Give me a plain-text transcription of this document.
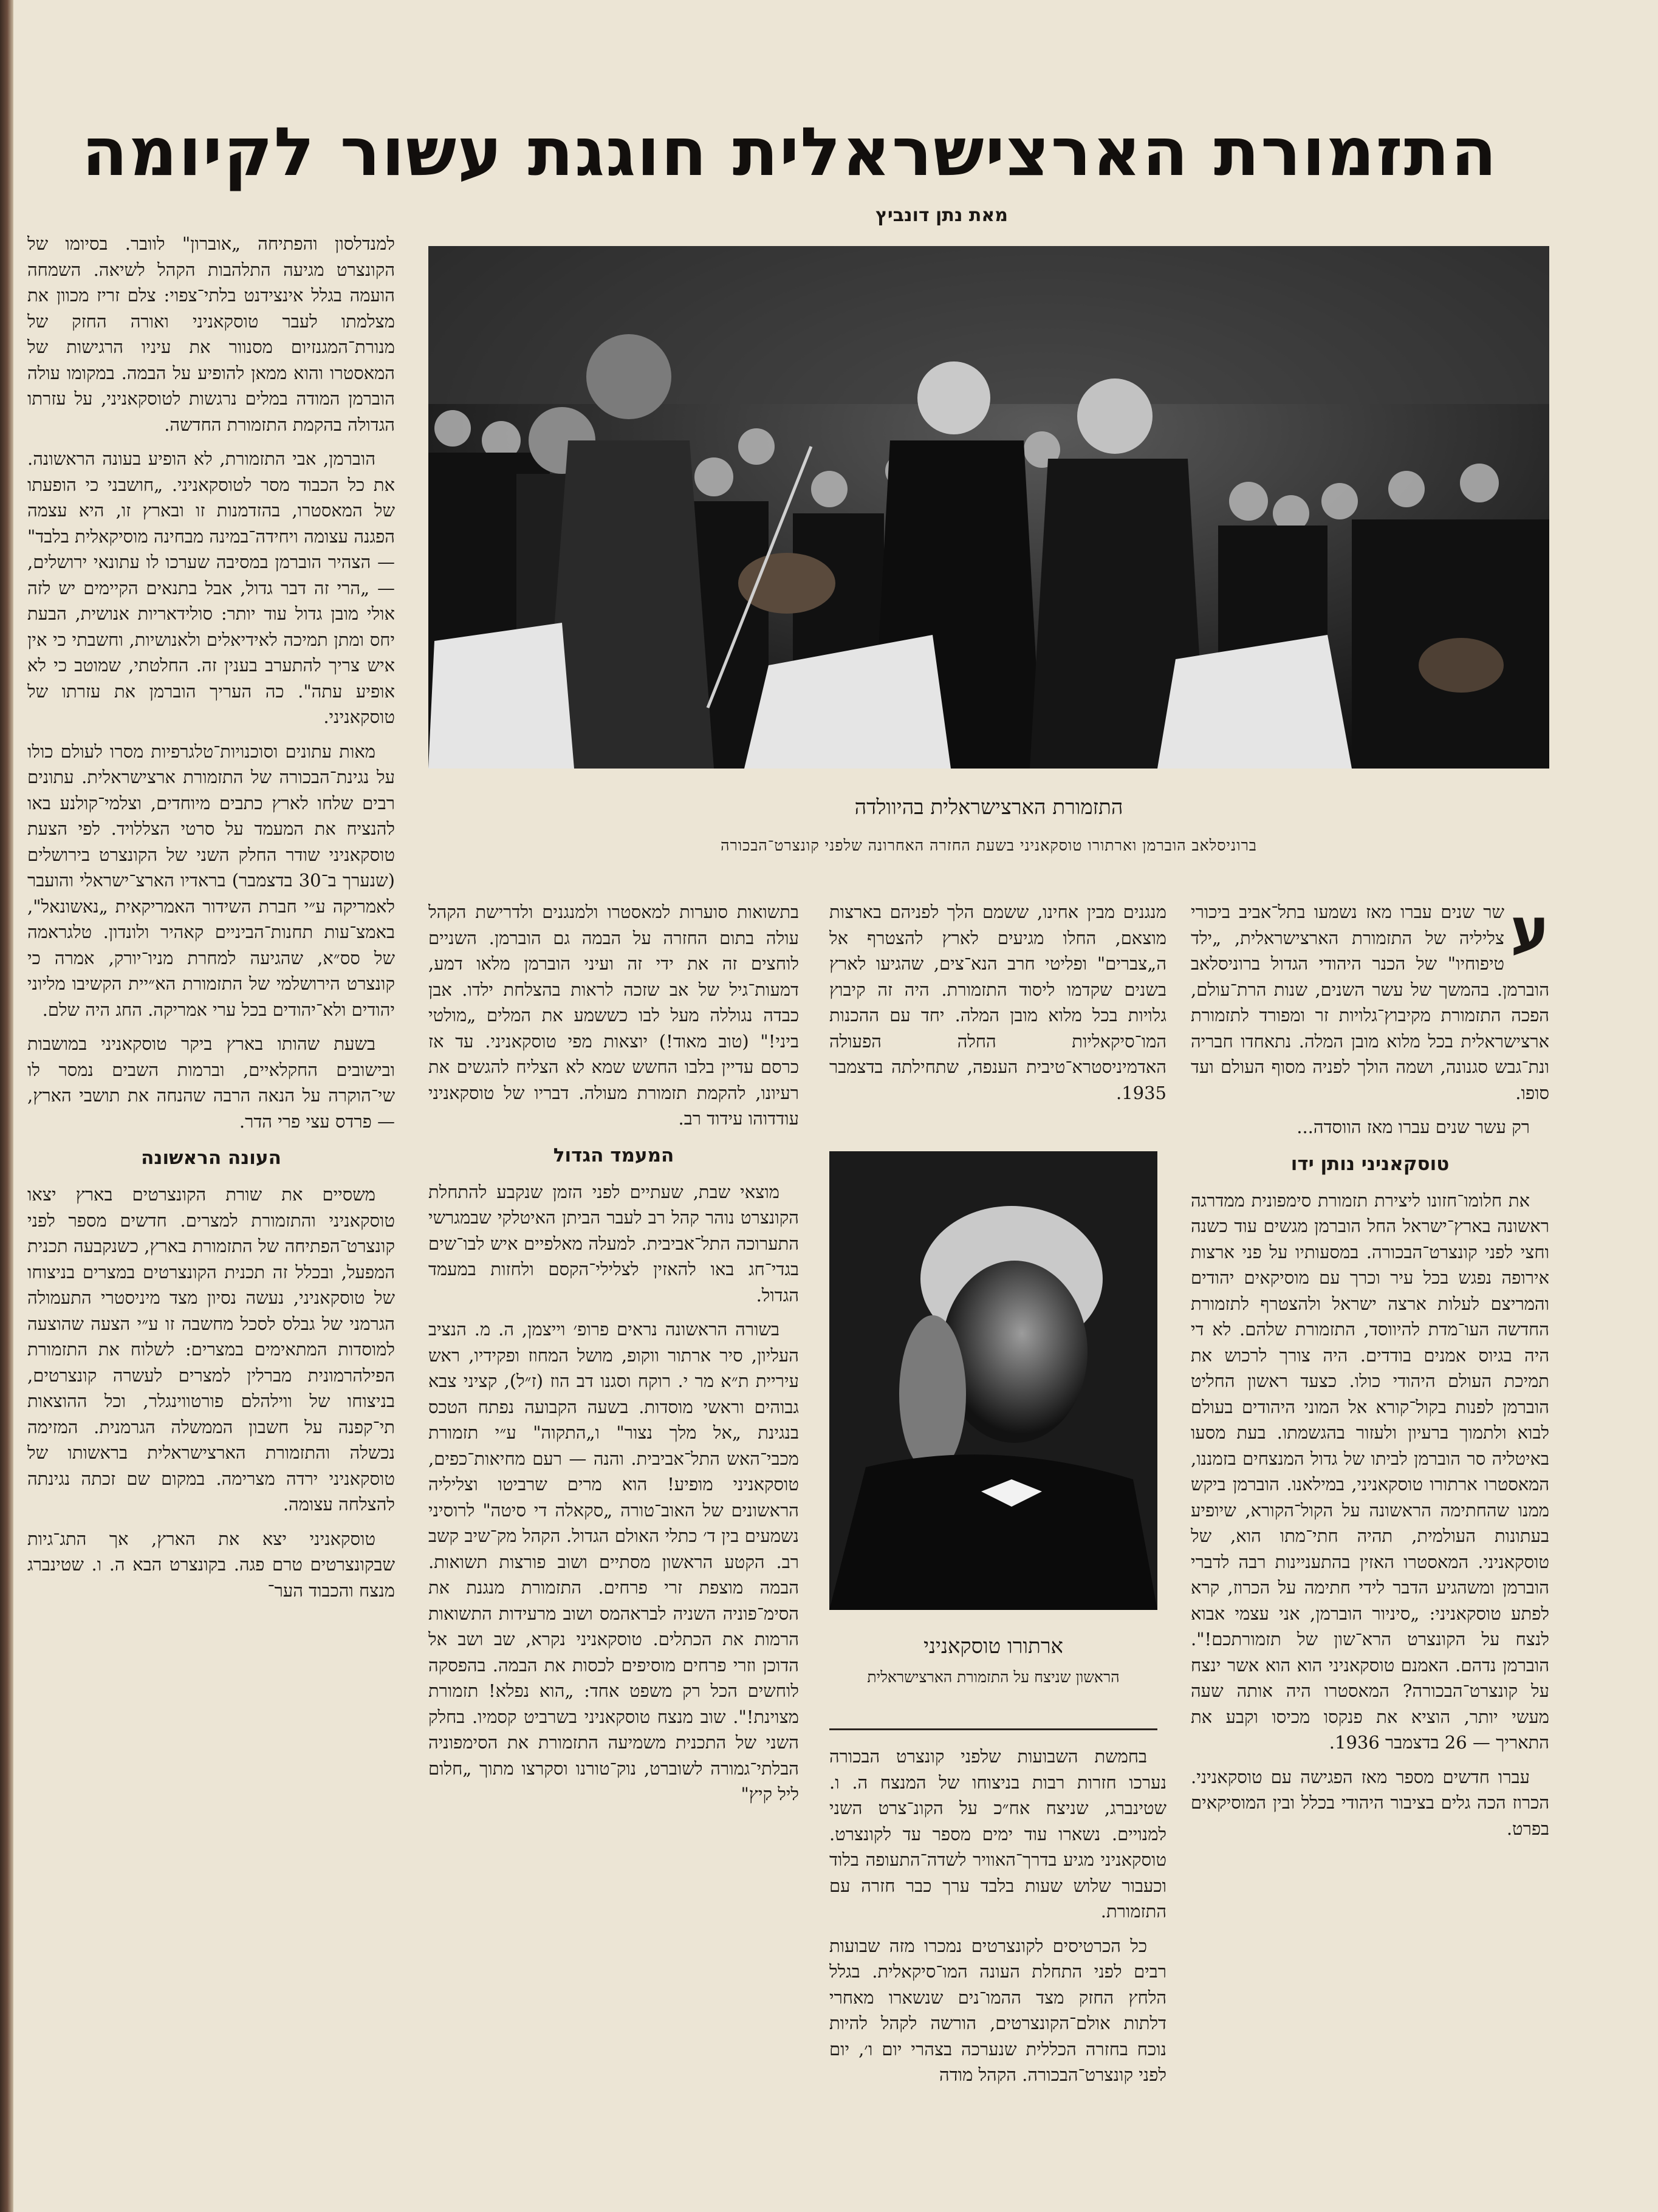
התזמורת הארצישראלית חוגגת עשור לקיומה
מאת נתן דונביץ
התזמורת הארצישראלית בהיוולדה
ברוניסלאב הוברמן וארתורו טוסקאניני בשעת החזרה האחרונה שלפני קונצרט־הבכורה
ארתורו טוסקאניני
הראשון שניצח על התזמורת הארצישראלית

ע
שר שנים עברו מאז נשמעו בתל־אביב ביכורי צליליה של התזמורת הארצישראלית, „ילד טיפוחיו" של הכנר היהודי הגדול ברוניסלאב הוברמן. בהמשך של עשר השנים, שנות הרת־עולם, הפכה התזמורת מקיבוץ־גלויות זר ומפורד לתזמורת ארצישראלית בכל מלוא מובן המלה. נתאחדו חבריה ונת־גבש סגנונה, ושמה הולך לפניה מסוף העולם ועד סופו.

רק עשר שנים עברו מאז הווסדה...

טוסקאניני נותן ידו

את חלומו־חזונו ליצירת תזמורת סימפונית ממדרגה ראשונה בארץ־ישראל החל הוברמן מגשים עוד כשנה וחצי לפני קונצרט־הבכורה. במסעותיו על פני ארצות אירופה נפגש בכל עיר וכרך עם מוסיקאים יהודים והמריצם לעלות ארצה ישראל ולהצטרף לתזמורת החדשה העו־מדת להיווסד, התזמורת שלהם. לא די היה בגיוס אמנים בודדים. היה צורך לרכוש את תמיכת העולם היהודי כולו. כצעד ראשון החליט הוברמן לפנות בקול־קורא אל המוני היהודים בעולם לבוא ולתמוך ברעיון ולעזור בהגשמתו. בעת מסעו באיטליה סר הוברמן לביתו של גדול המנצחים בזמננו, המאסטרו ארתורו טוסקאניני, במילאנו. הוברמן ביקש ממנו שהחתימה הראשונה על הקול־הקורא, שיופיע בעתונות העולמית, תהיה חתי־מתו הוא, של טוסקאניני. המאסטרו האזין בהתעניינות רבה לדברי הוברמן ומשהגיע הדבר לידי חתימה על הכרוז, קרא לפתע טוסקאניני: „סיניור הוברמן, אני עצמי אבוא לנצח על הקונצרט הרא־שון של תזמורתכם!". הוברמן נדהם. האמנם טוסקאניני הוא הוא אשר ינצח על קונצרט־הבכורה? המאסטרו היה אותה שעה מעשי יותר, הוציא את פנקסו מכיסו וקבע את התאריך — 26 בדצמבר 1936.

עברו חדשים מספר מאז הפגישה עם טוסקאניני. הכרוז הכה גלים בציבור היהודי בכלל ובין המוסיקאים בפרט.

מנגנים מבין אחינו, ששמם הלך לפניהם בארצות מוצאם, החלו מגיעים לארץ להצטרף אל ה„צברים" ופליטי חרב הנא־צים, שהגיעו לארץ בשנים שקדמו ליסוד התזמורת. היה זה קיבוץ גלויות בכל מלוא מובן המלה. יחד עם ההכנות המו־סיקאליות החלה הפעולה האדמיניסטרא־טיבית הענפה, שתחילתה בדצמבר 1935.

בחמשת השבועות שלפני קונצרט הבכורה נערכו חזרות רבות בניצוחו של המנצח ה. ו. שטינברג, שניצח אח״כ על הקונ־צרט השני למנויים. נשארו עוד ימים מספר עד לקונצרט. טוסקאניני מגיע בדרך־האוויר לשדה־התעופה בלוד וכעבור שלוש שעות בלבד ערך כבר חזרה עם התזמורת.

כל הכרטיסים לקונצרטים נמכרו מזה שבועות רבים לפני התחלת העונה המו־סיקאלית. בגלל הלחץ החזק מצד ההמו־נים שנשארו מאחרי דלתות אולם־הקונצרטים, הורשה לקהל להיות נוכח בחזרה הכללית שנערכה בצהרי יום ו׳, יום לפני קונצרט־הבכורה. הקהל מודה

בתשואות סוערות למאסטרו ולמנגנים ולדרישת הקהל עולה בתום החזרה על הבמה גם הוברמן. השניים לוחצים זה את ידי זה ועיני הוברמן מלאו דמע, דמעות־גיל של אב שזכה לראות בהצלחת ילדו. אבן כבדה נגוללה מעל לבו כששמע את המלים „מולטי ביני!" (טוב מאוד!) יוצאות מפי טוסקאניני. עד אז כרסם עדיין בלבו החשש שמא לא הצליח להגשים את רעיונו, להקמת תזמורת מעולה. דבריו של טוסקאניני עודדוהו עידוד רב.

המעמד הגדול

מוצאי שבת, שעתיים לפני הזמן שנקבע להתחלת הקונצרט נוהר קהל רב לעבר הביתן האיטלקי שבמגרשי התערוכה התל־אביבית. למעלה מאלפיים איש לבו־שים בגדי־חג באו להאזין לצלילי־הקסם ולחזות במעמד הגדול.

בשורה הראשונה נראים פרופ׳ וייצמן, ה. מ. הנציב העליון, סיר ארתור ווקופ, מושל המחוז ופקידיו, ראש עיריית ת״א מר י. רוקח וסגנו דב הוז (ז״ל), קציני צבא גבוהים וראשי מוסדות. בשעה הקבועה נפתח הטכס בנגינת „אל מלך נצור" ו„התקוה" ע״י תזמורת מכבי־האש התל־אביבית. והנה — רעם מחיאות־כפים, טוסקאניני מופיע! הוא מרים שרביטו וצליליה הראשונים של האוב־טורה „סקאלה די סיטה" לרוסיני נשמעים בין ד׳ כתלי האולם הגדול. הקהל מק־שיב קשב רב. הקטע הראשון מסתיים ושוב פורצות תשואות. הבמה מוצפת זרי פרחים. התזמורת מנגנת את הסימ־פוניה השניה לבראהמס ושוב מרעידות התשואות הרמות את הכתלים. טוסקאניני נקרא, שב ושב אל הדוכן וזרי פרחים מוסיפים לכסות את הבמה. בהפסקה לוחשים הכל רק משפט אחד: „הוא נפלא! תזמורת מצוינת!". שוב מנצח טוסקאניני בשרביט קסמיו. בחלק השני של התכנית משמיעה התזמורת את הסימפוניה הבלתי־גמורה לשוברט, נוק־טורנו וסקרצו מתוך „חלום ליל קיץ"

למנדלסון והפתיחה „אוברון" לוובר. בסיומו של הקונצרט מגיעה התלהבות הקהל לשיאה. השמחה הועמה בגלל אינצידנט בלתי־צפוי: צלם זריז מכוון את מצלמתו לעבר טוסקאניני ואורה החזק של מנורת־המגנזיום מסנוור את עיניו הרגישות של המאסטרו והוא ממאן להופיע על הבמה. במקומו עולה הוברמן המודה במלים נרגשות לטוסקאניני, על עזרתו הגדולה בהקמת התזמורת החדשה.

הוברמן, אבי התזמורת, לא הופיע בעונה הראשונה. את כל הכבוד מסר לטוסקאניני. „חושבני כי הופעתו של המאסטרו, בהזדמנות זו ובארץ זו, היא עצמה הפגנה עצומה ויחידה־במינה מבחינה מוסיקאלית בלבד" — הצהיר הוברמן במסיבה שערכו לו עתונאי ירושלים, — „הרי זה דבר גדול, אבל בתנאים הקיימים יש לזה אולי מובן גדול עוד יותר: סולידאריות אנושית, הבעת יחס ומתן תמיכה לאידיאלים ולאנושיות, וחשבתי כי אין איש צריך להתערב בענין זה. החלטתי, שמוטב כי לא אופיע עתה". כה העריך הוברמן את עזרתו של טוסקאניני.

מאות עתונים וסוכנויות־טלגרפיות מסרו לעולם כולו על נגינת־הבכורה של התזמורת ארצישראלית. עתונים רבים שלחו לארץ כתבים מיוחדים, וצלמי־קולנע באו להנציח את המעמד על סרטי הצללויד. לפי הצעת טוסקאניני שודר החלק השני של הקונצרט בירושלים (שנערך ב־30 בדצמבר) בראדיו הארצ־ישראלי והועבר לאמריקה ע״י חברת השידור האמריקאית „נאשונאל", באמצ־עות תחנות־הביניים קאהיר ולונדון. טלגראמה של סס״א, שהגיעה למחרת מניו־יורק, אמרה כי קונצרט הירושלמי של התזמורת הא״יית הקשיבו מליוני יהודים ולא־יהודים בכל ערי אמריקה. החג היה שלם.

בשעת שהותו בארץ ביקר טוסקאניני במושבות ובישובים החקלאיים, וברמות השבים נמסר לו שי־הוקרה על הנאה הרבה שהנחה את תושבי הארץ, — פרדס עצי פרי הדר.

העונה הראשונה

משסיים את שורת הקונצרטים בארץ יצאו טוסקאניני והתזמורת למצרים. חדשים מספר לפני קונצרט־הפתיחה של התזמורת בארץ, כשנקבעה תכנית המפעל, ובכלל זה תכנית הקונצרטים במצרים בניצוחו של טוסקאניני, נעשה נסיון מצד מיניסטרי התעמולה הגרמני של גבלס לסכל מחשבה זו ע״י הצעה שהוצעה למוסדות המתאימים במצרים: לשלוח את התזמורת הפילהרמונית מברלין למצרים לעשרה קונצרטים, בניצוחו של ווילהלם פורטווינגלר, וכל ההוצאות תי־קפנה על חשבון הממשלה הגרמנית. המזימה נכשלה והתזמורת הארצישראלית בראשותו של טוסקאניני ירדה מצרימה. במקום שם זכתה נגינתה להצלחה עצומה.

טוסקאניני יצא את הארץ, אך התג־גיות שבקונצרטים טרם פגה. בקונצרט הבא ה. ו. שטינברג מנצח והכבוד הער־
